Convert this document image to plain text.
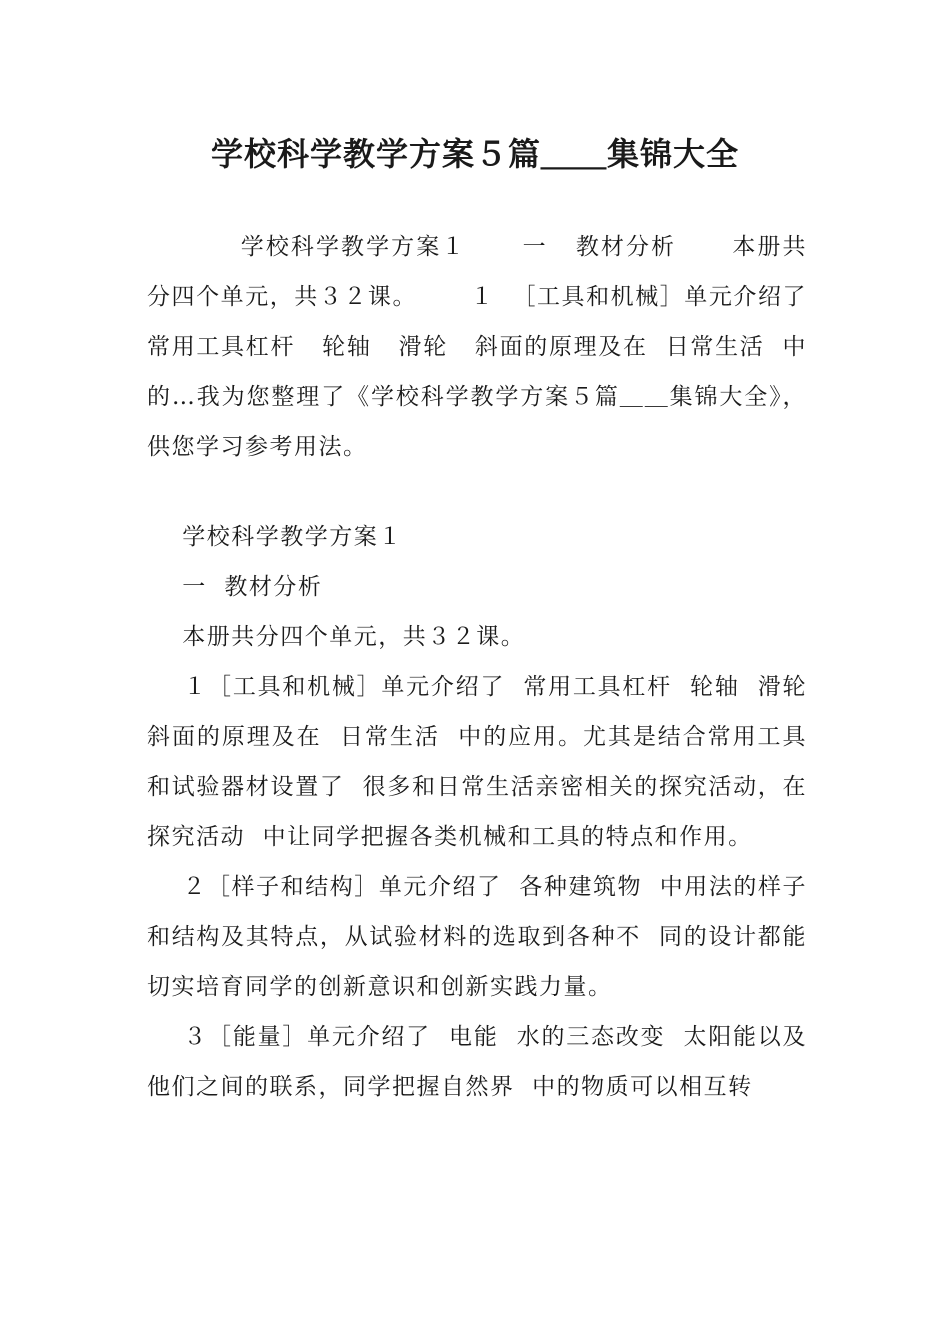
学校科学教学方案５篇＿＿集锦大全

学校科学教学方案１      一   教材分析      本册共分四个单元，共３２课。      １  ［工具和机械］单元介绍了  常用工具杠杆   轮轴   滑轮   斜面的原理及在  日常生活  中的…我为您整理了《学校科学教学方案５篇＿＿集锦大全》，供您学习参考用法。

学校科学教学方案１

一  教材分析

本册共分四个单元，共３２课。

１［工具和机械］单元介绍了  常用工具杠杆  轮轴  滑轮  斜面的原理及在  日常生活  中的应用。尤其是结合常用工具和试验器材设置了  很多和日常生活亲密相关的探究活动，在  探究活动  中让同学把握各类机械和工具的特点和作用。

２［样子和结构］单元介绍了  各种建筑物  中用法的样子和结构及其特点，从试验材料的选取到各种不  同的设计都能切实培育同学的创新意识和创新实践力量。

３［能量］单元介绍了  电能  水的三态改变  太阳能以及他们之间的联系，同学把握自然界  中的物质可以相互转
